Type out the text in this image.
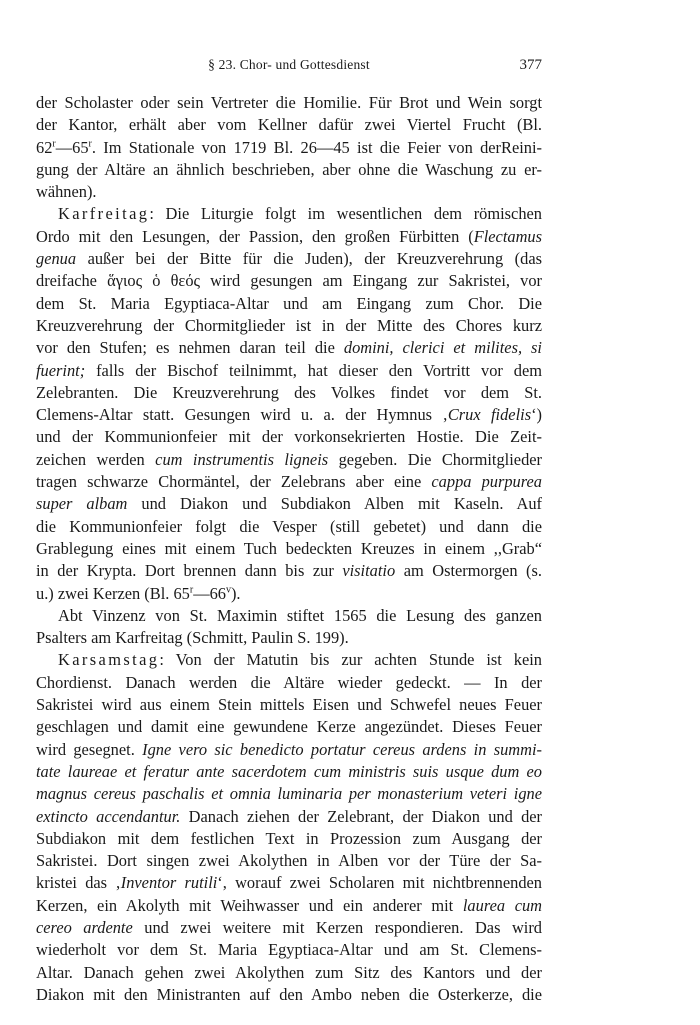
§ 23. Chor- und Gottesdienst	377

der Scholaster oder sein Vertreter die Homilie. Für Brot und Wein sorgt

der Kantor, erhält aber vom Kellner dafür zwei Viertel Frucht (Bl.

62$^r$—65$^r$. Im Stationale von 1719 Bl. 26—45 ist die Feier von derReini-

gung der Altäre an ähnlich beschrieben, aber ohne die Waschung zu er-

wähnen).

Karfreitag: Die Liturgie folgt im wesentlichen dem römischen

Ordo mit den Lesungen, der Passion, den großen Fürbitten (Flectamus

genua außer bei der Bitte für die Juden), der Kreuzverehrung (das

dreifache ἅγιος ὁ θεός wird gesungen am Eingang zur Sakristei, vor

dem St. Maria Egyptiaca-Altar und am Eingang zum Chor. Die

Kreuzverehrung der Chormitglieder ist in der Mitte des Chores kurz

vor den Stufen; es nehmen daran teil die domini, clerici et milites, si

fuerint; falls der Bischof teilnimmt, hat dieser den Vortritt vor dem

Zelebranten. Die Kreuzverehrung des Volkes findet vor dem St.

Clemens-Altar statt. Gesungen wird u. a. der Hymnus ‚Crux fidelis‘)

und der Kommunionfeier mit der vorkonsekrierten Hostie. Die Zeit-

zeichen werden cum instrumentis ligneis gegeben. Die Chormitglieder

tragen schwarze Chormäntel, der Zelebrans aber eine cappa purpurea

super albam und Diakon und Subdiakon Alben mit Kaseln. Auf

die Kommunionfeier folgt die Vesper (still gebetet) und dann die

Grablegung eines mit einem Tuch bedeckten Kreuzes in einem ,,Grab“

in der Krypta. Dort brennen dann bis zur visitatio am Ostermorgen (s.

u.) zwei Kerzen (Bl. 65$^r$—66$^v$).

Abt Vinzenz von St. Maximin stiftet 1565 die Lesung des ganzen

Psalters am Karfreitag (Schmitt, Paulin S. 199).

Karsamstag: Von der Matutin bis zur achten Stunde ist kein

Chordienst. Danach werden die Altäre wieder gedeckt. — In der

Sakristei wird aus einem Stein mittels Eisen und Schwefel neues Feuer

geschlagen und damit eine gewundene Kerze angezündet. Dieses Feuer

wird gesegnet. Igne vero sic benedicto portatur cereus ardens in summi-

tate laureae et feratur ante sacerdotem cum ministris suis usque dum eo

magnus cereus paschalis et omnia luminaria per monasterium veteri igne

extincto accendantur. Danach ziehen der Zelebrant, der Diakon und der

Subdiakon mit dem festlichen Text in Prozession zum Ausgang der

Sakristei. Dort singen zwei Akolythen in Alben vor der Türe der Sa-

kristei das ‚Inventor rutili‘, worauf zwei Scholaren mit nichtbrennenden

Kerzen, ein Akolyth mit Weihwasser und ein anderer mit laurea cum

cereo ardente und zwei weitere mit Kerzen respondieren. Das wird

wiederholt vor dem St. Maria Egyptiaca-Altar und am St. Clemens-

Altar. Danach gehen zwei Akolythen zum Sitz des Kantors und der

Diakon mit den Ministranten auf den Ambo neben die Osterkerze, die
